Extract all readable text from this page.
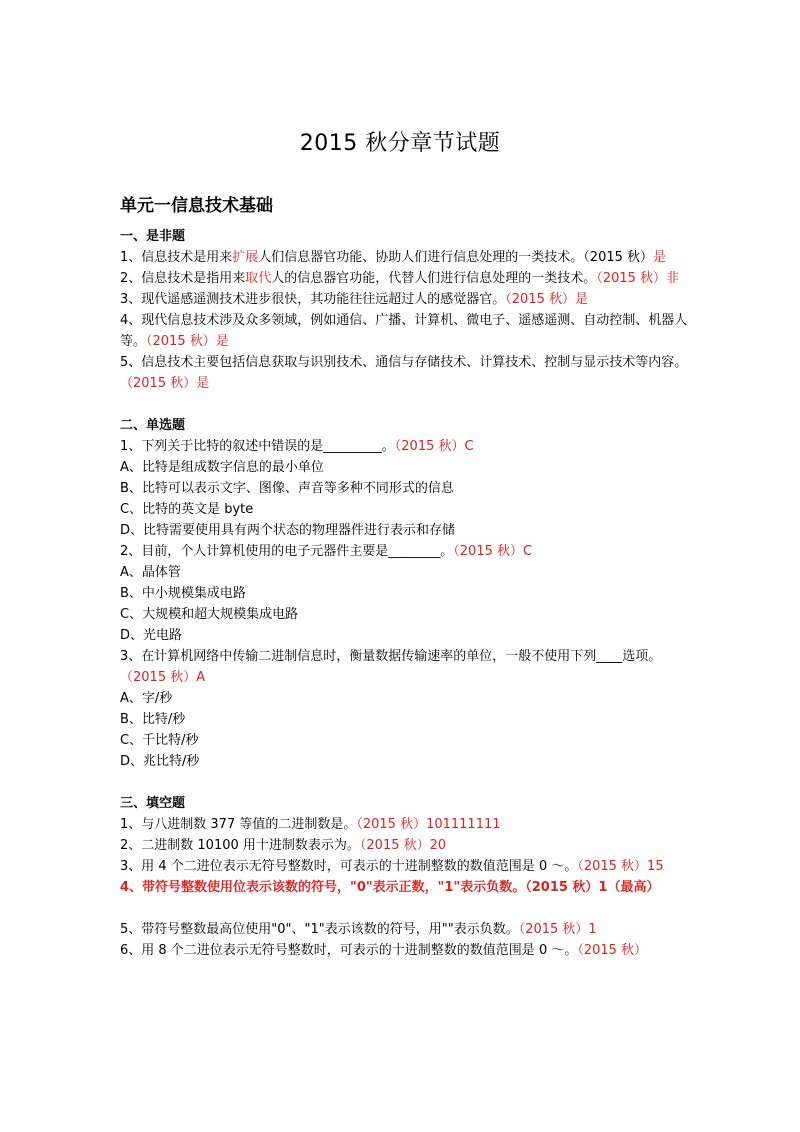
2015 秋分章节试题
单元一信息技术基础

一、是非题

1、信息技术是用来扩展人们信息器官功能、协助人们进行信息处理的一类技术。（2015 秋）是

2、信息技术是指用来取代人的信息器官功能，代替人们进行信息处理的一类技术。（2015 秋）非

3、现代遥感遥测技术进步很快，其功能往往远超过人的感觉器官。（2015 秋）是

4、现代信息技术涉及众多领域，例如通信、广播、计算机、微电子、遥感遥测、自动控制、机器人等。（2015 秋）是

5、信息技术主要包括信息获取与识别技术、通信与存储技术、计算技术、控制与显示技术等内容。（2015 秋）是

二、单选题

1、下列关于比特的叙述中错误的是_________。（2015 秋）C

A、比特是组成数字信息的最小单位

B、比特可以表示文字、图像、声音等多种不同形式的信息

C、比特的英文是 byte

D、比特需要使用具有两个状态的物理器件进行表示和存储

2、目前，个人计算机使用的电子元器件主要是________。（2015 秋）C

A、晶体管

B、中小规模集成电路

C、大规模和超大规模集成电路

D、光电路

3、在计算机网络中传输二进制信息时，衡量数据传输速率的单位，一般不使用下列____选项。（2015 秋）A

A、字/秒

B、比特/秒

C、千比特/秒

D、兆比特/秒

三、填空题

1、与八进制数 377 等值的二进制数是。（2015 秋）101111111

2、二进制数 10100 用十进制数表示为。（2015 秋）20

3、用 4 个二进位表示无符号整数时，可表示的十进制整数的数值范围是 0 ～。（2015 秋）15

4、带符号整数使用位表示该数的符号，"0"表示正数，"1"表示负数。（2015 秋）1（最高）

5、带符号整数最高位使用"0"、"1"表示该数的符号，用""表示负数。（2015 秋）1

6、用 8 个二进位表示无符号整数时，可表示的十进制整数的数值范围是 0 ～。（2015 秋）
